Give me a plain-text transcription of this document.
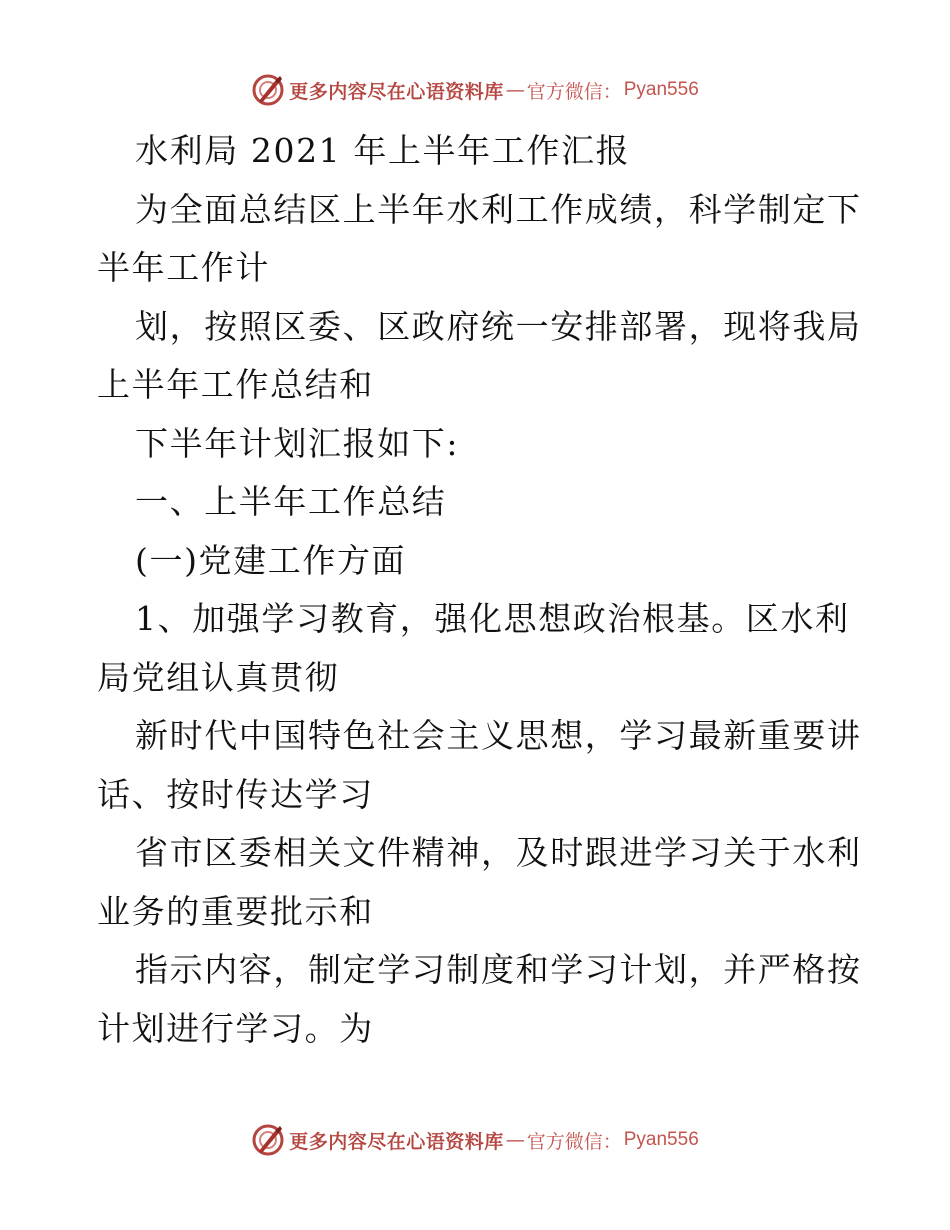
更多内容尽在心语资料库 — 官方微信： Pyan556
水利局 2021 年上半年工作汇报
为全面总结区上半年水利工作成绩，科学制定下
半年工作计
划，按照区委、区政府统一安排部署，现将我局
上半年工作总结和
下半年计划汇报如下:
一、上半年工作总结
(一)党建工作方面
1、加强学习教育，强化思想政治根基。区水利
局党组认真贯彻
新时代中国特色社会主义思想，学习最新重要讲
话、按时传达学习
省市区委相关文件精神，及时跟进学习关于水利
业务的重要批示和
指示内容，制定学习制度和学习计划，并严格按
计划进行学习。为
更多内容尽在心语资料库 — 官方微信： Pyan556
